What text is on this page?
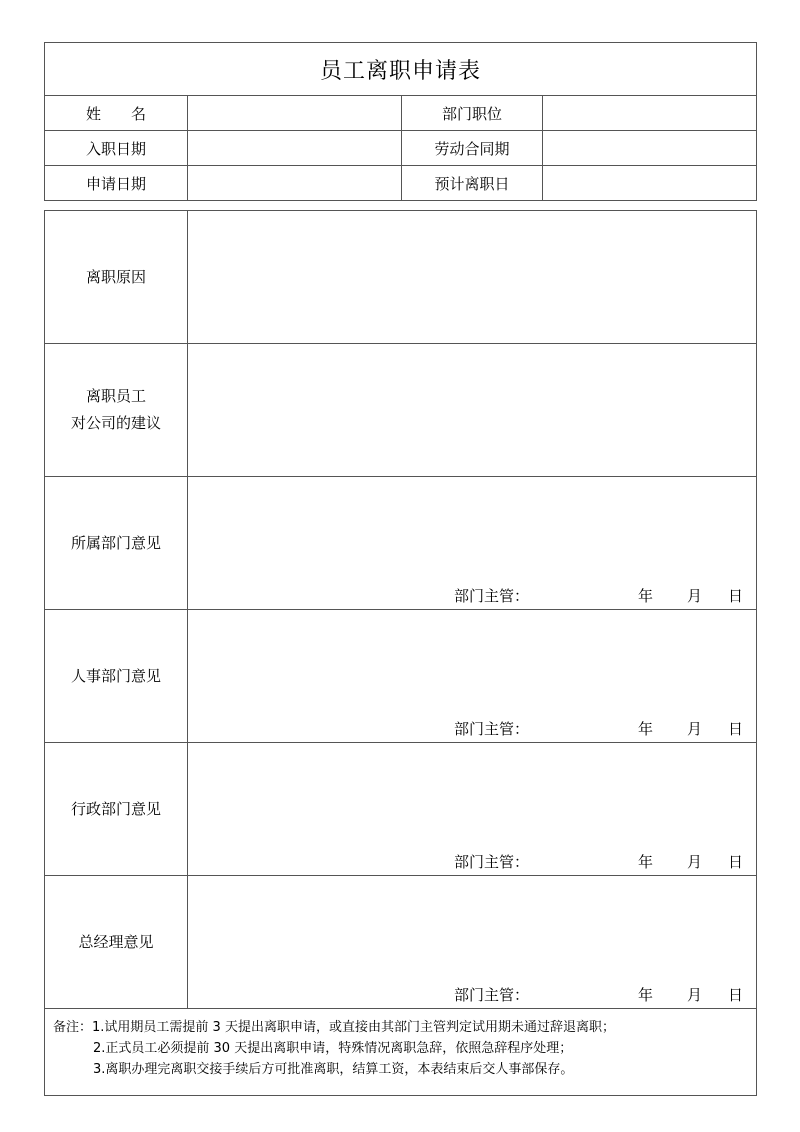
员工离职申请表			
姓　　名		部门职位	
入职日期		劳动合同期	
申请日期		预计离职日	
离职原因	

离职员工
对公司的建议	

所属部门意见	部门主管： 年 月 日

人事部门意见	部门主管： 年 月 日

行政部门意见	部门主管： 年 月 日

总经理意见	部门主管： 年 月 日

备注：1.试用期员工需提前 3 天提出离职申请，或直接由其部门主管判定试用期未通过辞退离职；
2.正式员工必须提前 30 天提出离职申请，特殊情况离职急辞，依照急辞程序处理；
3.离职办理完离职交接手续后方可批准离职，结算工资，本表结束后交人事部保存。	
